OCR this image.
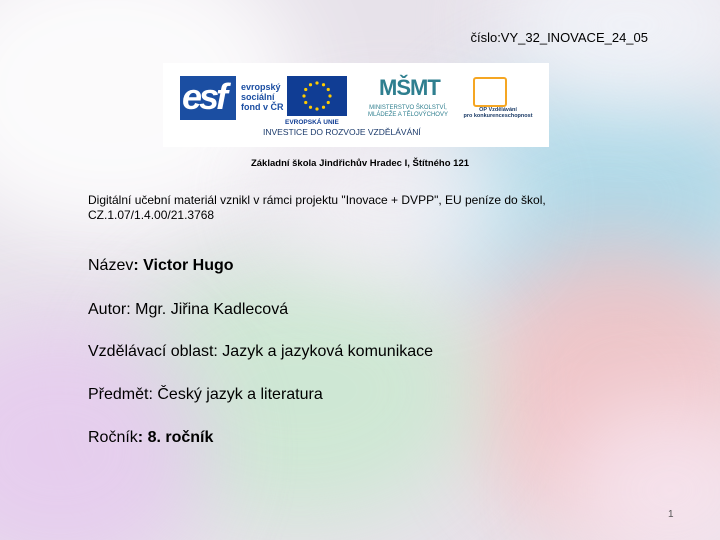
číslo:VY_32_INOVACE_24_05
esf evropský
sociální
fond v ČR
EVROPSKÁ UNIE
MŠMT
MINISTERSTVO ŠKOLSTVÍ,
MLÁDEŽE A TĚLOVÝCHOVY
OP Vzdělávání
pro konkurenceschopnost
INVESTICE DO ROZVOJE VZDĚLÁVÁNÍ
Základní škola Jindřichův Hradec I, Štítného 121
Digitální učební materiál vznikl v rámci projektu "Inovace + DVPP", EU peníze do škol, CZ.1.07/1.4.00/21.3768
Název: Victor Hugo
Autor: Mgr. Jiřina Kadlecová
Vzdělávací oblast: Jazyk a jazyková komunikace
Předmět: Český jazyk a literatura
Ročník: 8. ročník
1
